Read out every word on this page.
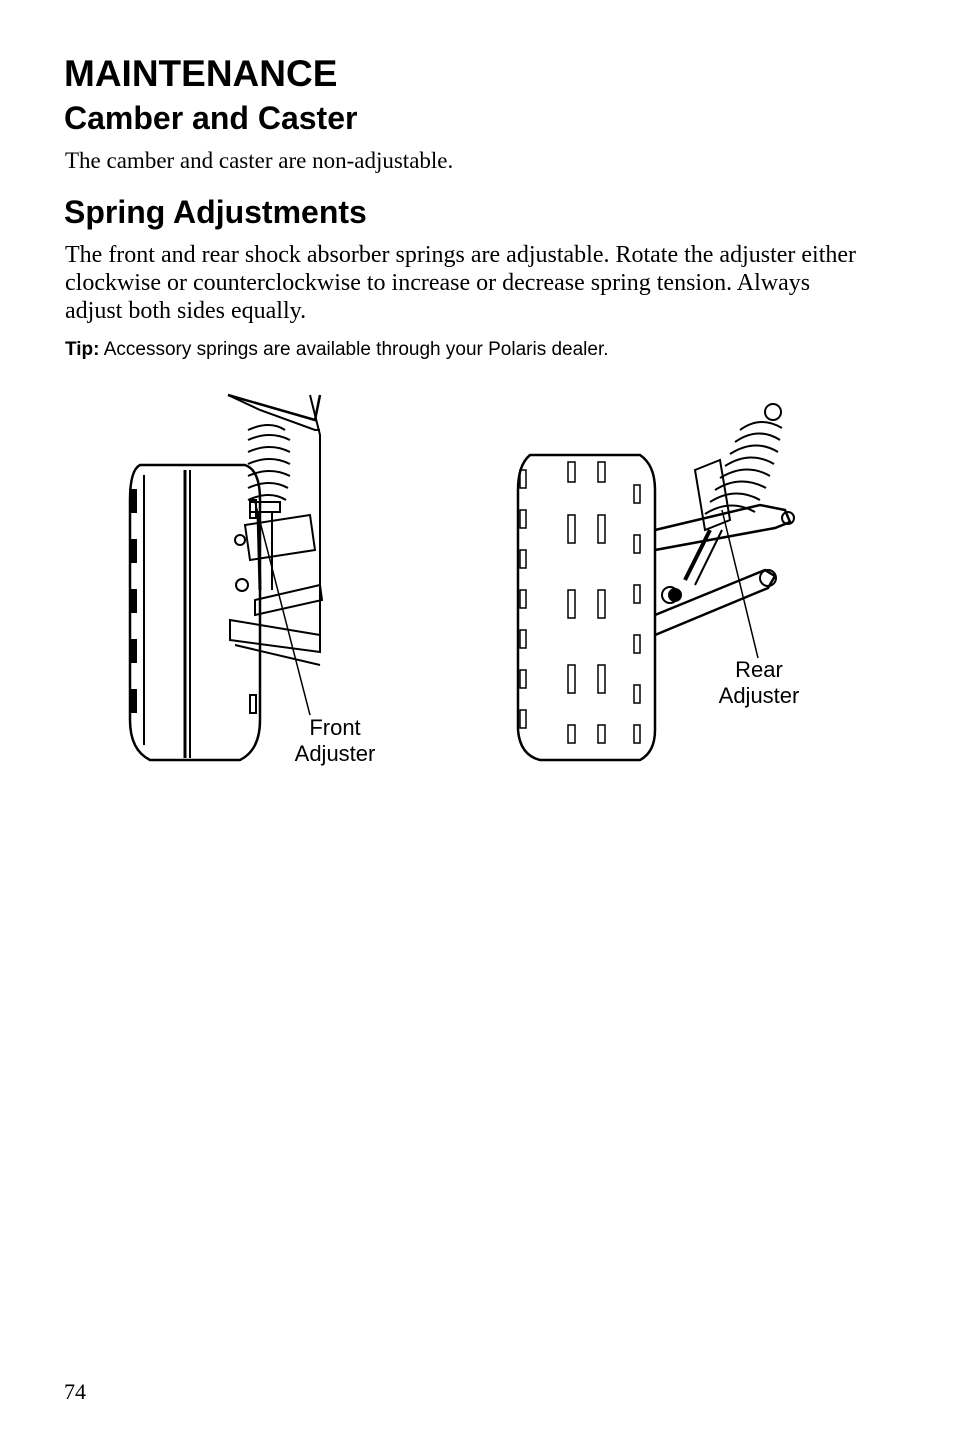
MAINTENANCE
Camber and Caster

The camber and caster are non-adjustable.

Spring Adjustments

The front and rear shock absorber springs are adjustable. Rotate the adjuster either clockwise or counterclockwise to increase or decrease spring tension. Always adjust both sides equally.

Tip: Accessory springs are available through your Polaris dealer.

Front
Adjuster
Rear
Adjuster

74
